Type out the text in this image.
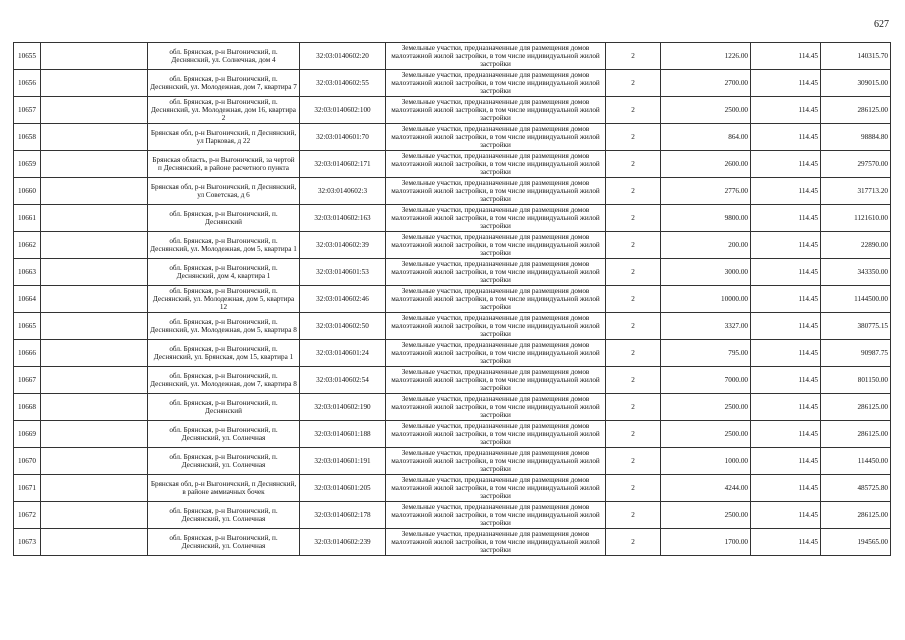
627
10655		обл. Брянская, р-н Выгоничский, п. Деснянский, ул. Солнечная, дом 4	32:03:0140602:20	Земельные участки, предназначенные для размещения домов малоэтажной жилой застройки, в том числе индивидуальной жилой застройки	2	1226.00	114.45	140315.70
10656		обл. Брянская, р-н Выгоничский, п. Деснянский, ул. Молодежная, дом 7, квартира 7	32:03:0140602:55	Земельные участки, предназначенные для размещения домов малоэтажной жилой застройки, в том числе индивидуальной жилой застройки	2	2700.00	114.45	309015.00
10657		обл. Брянская, р-н Выгоничский, п. Деснянский, ул. Молодежная, дом 16, квартира 2	32:03:0140602:100	Земельные участки, предназначенные для размещения домов малоэтажной жилой застройки, в том числе индивидуальной жилой застройки	2	2500.00	114.45	286125.00
10658		Брянская обл, р-н Выгоничский, п Деснянский, ул Парковая, д 22	32:03:0140601:70	Земельные участки, предназначенные для размещения домов малоэтажной жилой застройки, в том числе индивидуальной жилой застройки	2	864.00	114.45	98884.80
10659		Брянская область, р-н Выгоничский, за чертой п Деснянский, в районе расчетного пункта	32:03:0140602:171	Земельные участки, предназначенные для размещения домов малоэтажной жилой застройки, в том числе индивидуальной жилой застройки	2	2600.00	114.45	297570.00
10660		Брянская обл, р-н Выгоничский, п Деснянский, ул Советская, д 6	32:03:0140602:3	Земельные участки, предназначенные для размещения домов малоэтажной жилой застройки, в том числе индивидуальной жилой застройки	2	2776.00	114.45	317713.20
10661		обл. Брянская, р-н Выгоничский, п. Деснянский	32:03:0140602:163	Земельные участки, предназначенные для размещения домов малоэтажной жилой застройки, в том числе индивидуальной жилой застройки	2	9800.00	114.45	1121610.00
10662		обл. Брянская, р-н Выгоничский, п. Деснянский, ул. Молодежная, дом 5, квартира 1	32:03:0140602:39	Земельные участки, предназначенные для размещения домов малоэтажной жилой застройки, в том числе индивидуальной жилой застройки	2	200.00	114.45	22890.00
10663		обл. Брянская, р-н Выгоничский, п. Деснянский, дом 4, квартира 1	32:03:0140601:53	Земельные участки, предназначенные для размещения домов малоэтажной жилой застройки, в том числе индивидуальной жилой застройки	2	3000.00	114.45	343350.00
10664		обл. Брянская, р-н Выгоничский, п. Деснянский, ул. Молодежная, дом 5, квартира 12	32:03:0140602:46	Земельные участки, предназначенные для размещения домов малоэтажной жилой застройки, в том числе индивидуальной жилой застройки	2	10000.00	114.45	1144500.00
10665		обл. Брянская, р-н Выгоничский, п. Деснянский, ул. Молодежная, дом 5, квартира 8	32:03:0140602:50	Земельные участки, предназначенные для размещения домов малоэтажной жилой застройки, в том числе индивидуальной жилой застройки	2	3327.00	114.45	380775.15
10666		обл. Брянская, р-н Выгоничский, п. Деснянский, ул. Брянская, дом 15, квартира 1	32:03:0140601:24	Земельные участки, предназначенные для размещения домов малоэтажной жилой застройки, в том числе индивидуальной жилой застройки	2	795.00	114.45	90987.75
10667		обл. Брянская, р-н Выгоничский, п. Деснянский, ул. Молодежная, дом 7, квартира 8	32:03:0140602:54	Земельные участки, предназначенные для размещения домов малоэтажной жилой застройки, в том числе индивидуальной жилой застройки	2	7000.00	114.45	801150.00
10668		обл. Брянская, р-н Выгоничский, п. Деснянский	32:03:0140602:190	Земельные участки, предназначенные для размещения домов малоэтажной жилой застройки, в том числе индивидуальной жилой застройки	2	2500.00	114.45	286125.00
10669		обл. Брянская, р-н Выгоничский, п. Деснянский, ул. Солнечная	32:03:0140601:188	Земельные участки, предназначенные для размещения домов малоэтажной жилой застройки, в том числе индивидуальной жилой застройки	2	2500.00	114.45	286125.00
10670		обл. Брянская, р-н Выгоничский, п. Деснянский, ул. Солнечная	32:03:0140601:191	Земельные участки, предназначенные для размещения домов малоэтажной жилой застройки, в том числе индивидуальной жилой застройки	2	1000.00	114.45	114450.00
10671		Брянская обл, р-н Выгоничский, п Деснянский, в районе аммиачных бочек	32:03:0140601:205	Земельные участки, предназначенные для размещения домов малоэтажной жилой застройки, в том числе индивидуальной жилой застройки	2	4244.00	114.45	485725.80
10672		обл. Брянская, р-н Выгоничский, п. Деснянский, ул. Солнечная	32:03:0140602:178	Земельные участки, предназначенные для размещения домов малоэтажной жилой застройки, в том числе индивидуальной жилой застройки	2	2500.00	114.45	286125.00
10673		обл. Брянская, р-н Выгоничский, п. Деснянский, ул. Солнечная	32:03:0140602:239	Земельные участки, предназначенные для размещения домов малоэтажной жилой застройки, в том числе индивидуальной жилой застройки	2	1700.00	114.45	194565.00
